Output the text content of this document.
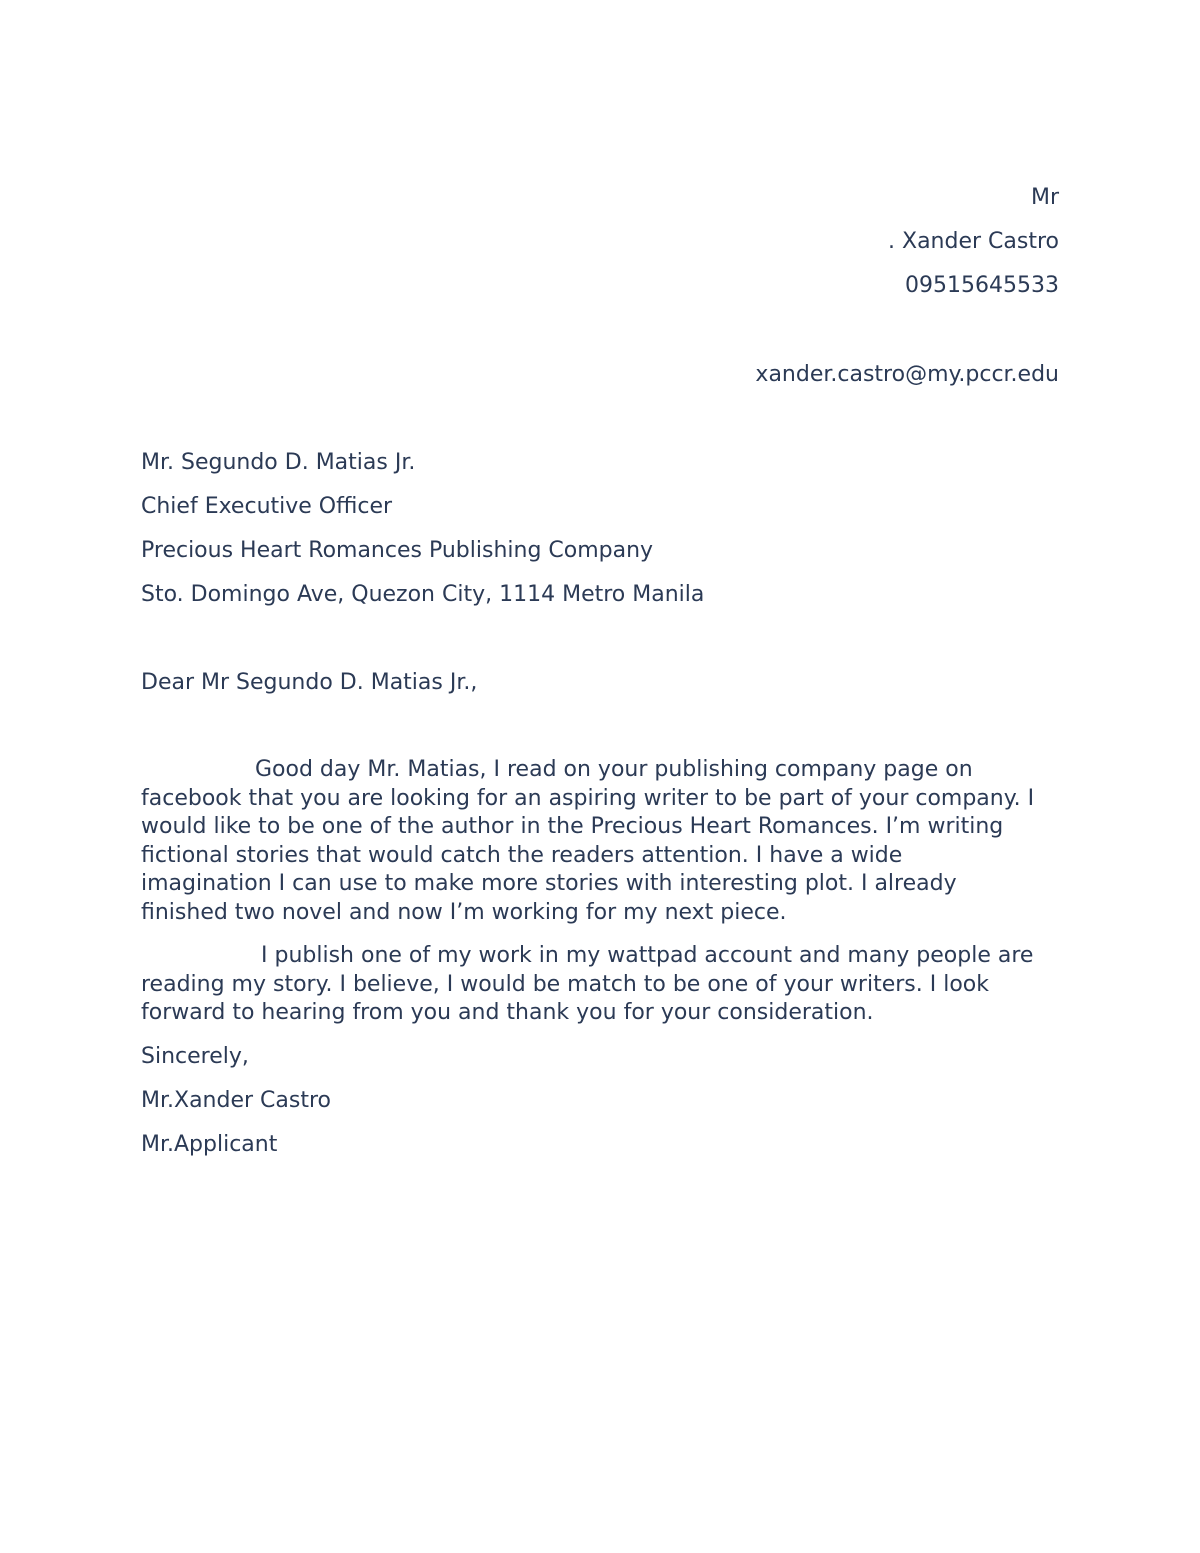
Mr
. Xander Castro
09515645533
xander.castro@my.pccr.edu
Mr. Segundo D. Matias Jr.
Chief Executive Officer
Precious Heart Romances Publishing Company
Sto. Domingo Ave, Quezon City, 1114 Metro Manila
Dear Mr Segundo D. Matias Jr.,
Good day Mr. Matias, I read on your publishing company page on
facebook that you are looking for an aspiring writer to be part of your company. I
would like to be one of the author in the Precious Heart Romances. I’m writing
fictional stories that would catch the readers attention. I have a wide
imagination I can use to make more stories with interesting plot. I already
finished two novel and now I’m working for my next piece.
I publish one of my work in my wattpad account and many people are
reading my story. I believe, I would be match to be one of your writers. I look
forward to hearing from you and thank you for your consideration.
Sincerely,
Mr.Xander Castro
Mr.Applicant
